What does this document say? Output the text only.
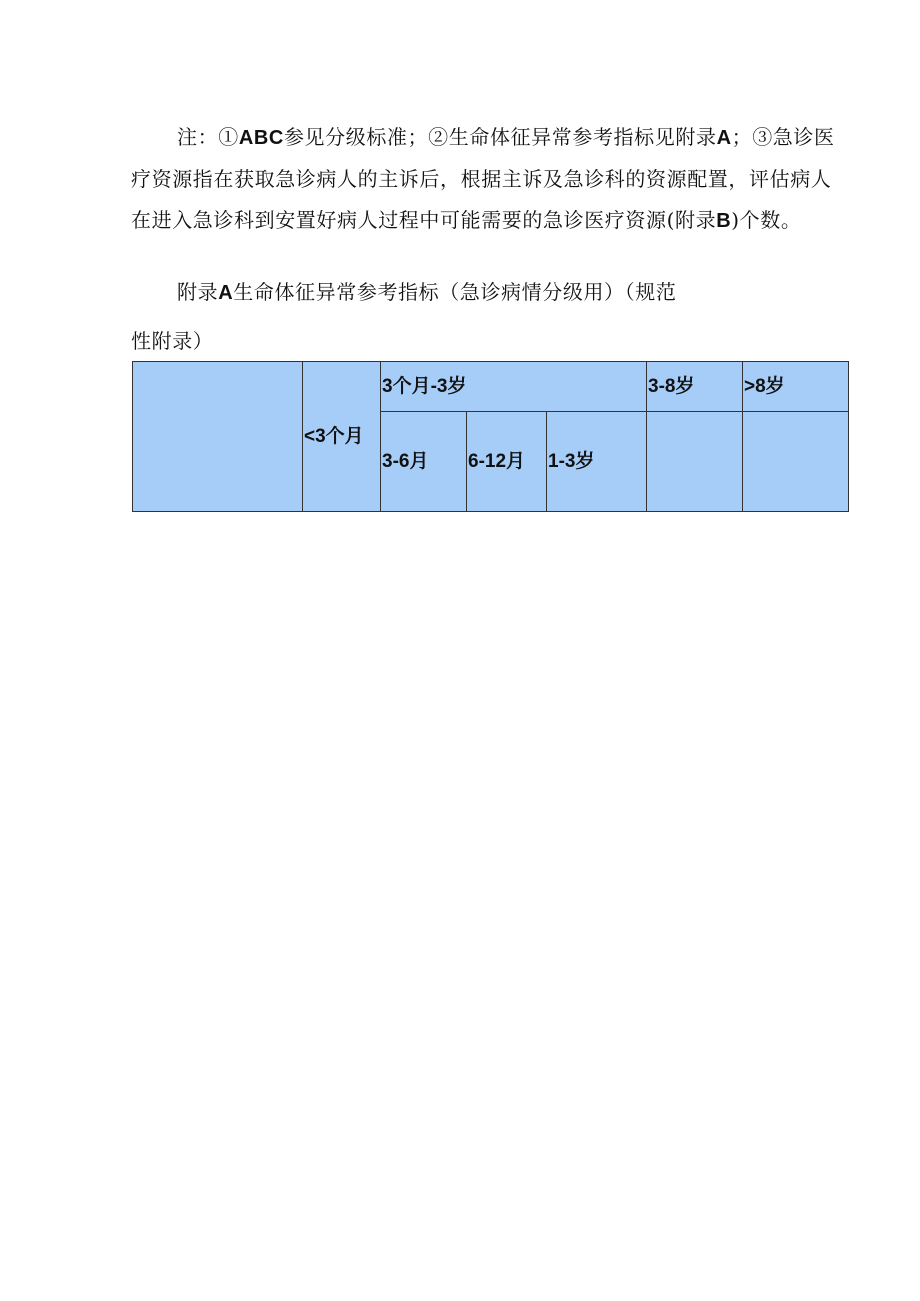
注：①ABC参见分级标准；②生命体征异常参考指标见附录A；③急诊医疗资源指在获取急诊病人的主诉后，根据主诉及急诊科的资源配置，评估病人在进入急诊科到安置好病人过程中可能需要的急诊医疗资源(附录B)个数。

附录A生命体征异常参考指标（急诊病情分级用）（规范性附录）

	<3个月	3个月-3岁			3-8岁	>8岁
		3-6月	6-12月	1-3岁		
